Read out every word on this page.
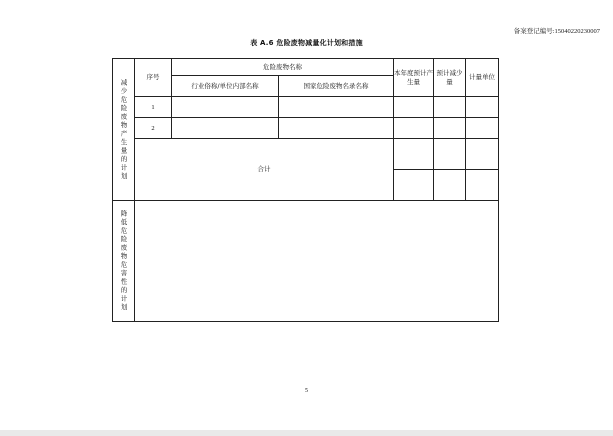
备案登记编号:15040220230007
表 A.6 危险废物减量化计划和措施
减少危险废物产生量的计划	序号	危险废物名称		本年度预计产生量	预计减少量	计量单位
		行业俗称/单位内部名称	国家危险废物名录名称			
	1					
	2					
	合计					

降低危险废物危害性的计划						

5
